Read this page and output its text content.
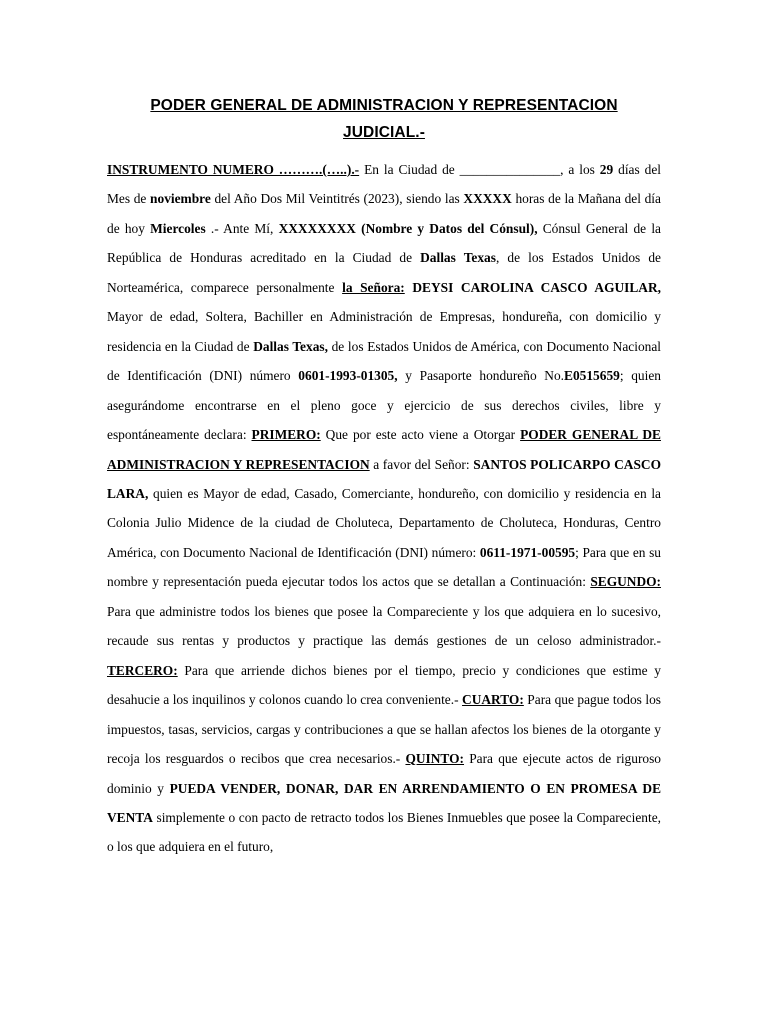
PODER GENERAL DE ADMINISTRACION Y REPRESENTACION
JUDICIAL.-

INSTRUMENTO NUMERO ……….(…..).- En la Ciudad de _______________, a los 29 días del Mes de noviembre del Año Dos Mil Veintitrés (2023), siendo las XXXXX horas de la Mañana del día de hoy Miercoles .- Ante Mí, XXXXXXXX (Nombre y Datos del Cónsul), Cónsul General de la República de Honduras acreditado en la Ciudad de Dallas Texas, de los Estados Unidos de Norteamérica, comparece personalmente la Señora: DEYSI CAROLINA CASCO AGUILAR, Mayor de edad, Soltera, Bachiller en Administración de Empresas, hondureña, con domicilio y residencia en la Ciudad de Dallas Texas, de los Estados Unidos de América, con Documento Nacional de Identificación (DNI) número 0601-1993-01305, y Pasaporte hondureño No.E0515659; quien asegurándome encontrarse en el pleno goce y ejercicio de sus derechos civiles, libre y espontáneamente declara: PRIMERO: Que por este acto viene a Otorgar PODER GENERAL DE ADMINISTRACION Y REPRESENTACION a favor del Señor: SANTOS POLICARPO CASCO LARA, quien es Mayor de edad, Casado, Comerciante, hondureño, con domicilio y residencia en la Colonia Julio Midence de la ciudad de Choluteca, Departamento de Choluteca, Honduras, Centro América, con Documento Nacional de Identificación (DNI) número: 0611-1971-00595; Para que en su nombre y representación pueda ejecutar todos los actos que se detallan a Continuación: SEGUNDO: Para que administre todos los bienes que posee la Compareciente y los que adquiera en lo sucesivo, recaude sus rentas y productos y practique las demás gestiones de un celoso administrador.- TERCERO: Para que arriende dichos bienes por el tiempo, precio y condiciones que estime y desahucie a los inquilinos y colonos cuando lo crea conveniente.- CUARTO: Para que pague todos los impuestos, tasas, servicios, cargas y contribuciones a que se hallan afectos los bienes de la otorgante y recoja los resguardos o recibos que crea necesarios.- QUINTO: Para que ejecute actos de riguroso dominio y PUEDA VENDER, DONAR, DAR EN ARRENDAMIENTO O EN PROMESA DE VENTA simplemente o con pacto de retracto todos los Bienes Inmuebles que posee la Compareciente, o los que adquiera en el futuro,
